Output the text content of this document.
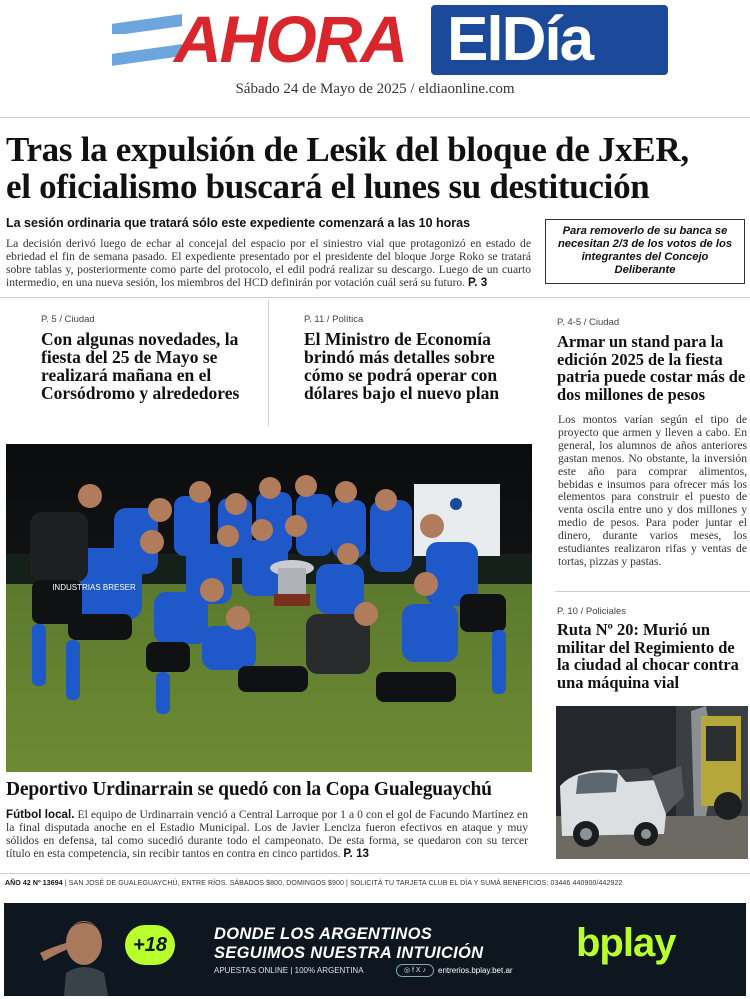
AHORA ElDía
Sábado 24 de Mayo de 2025 / eldiaonline.com
Tras la expulsión de Lesik del bloque de JxER,
el oficialismo buscará el lunes su destitución
La sesión ordinaria que tratará sólo este expediente comenzará a las 10 horas

La decisión derivó luego de echar al concejal del espacio por el siniestro vial que protagonizó en estado de ebriedad el fin de semana pasado. El expediente presentado por el presidente del bloque Jorge Roko se tratará sobre tablas y, posteriormente como parte del protocolo, el edil podrá realizar su descargo. Luego de un cuarto intermedio, en una nueva sesión, los miembros del HCD definirán por votación cuál será su futuro. P. 3

Para removerlo de su banca se necesitan 2/3 de los votos de los integrantes del Concejo Deliberante
P. 5 / Ciudad
Con algunas novedades, la fiesta del 25 de Mayo se realizará mañana en el Corsódromo y alrededores
P. 11 / Política
El Ministro de Economía brindó más detalles sobre cómo se podrá operar con dólares bajo el nuevo plan
P. 4-5 / Ciudad
Armar un stand para la edición 2025 de la fiesta patria puede costar más de dos millones de pesos

Los montos varían según el tipo de proyecto que armen y lleven a cabo. En general, los alumnos de años anteriores gastan menos. No obstante, la inversión este año para comprar alimentos, bebidas e insumos para ofrecer más los elementos para construir el puesto de venta oscila entre uno y dos millones y medio de pesos. Para poder juntar el dinero, durante varios meses, los estudiantes realizaron rifas y ventas de tortas, pizzas y pastas.

P. 10 / Policiales
Ruta Nº 20: Murió un militar del Regimiento de la ciudad al chocar contra una máquina vial
INDUSTRIAS BRESER
Deportivo Urdinarrain se quedó con la Copa Gualeguaychú

Fútbol local. El equipo de Urdinarrain venció a Central Larroque por 1 a 0 con el gol de Facundo Martínez en la final disputada anoche en el Estadio Municipal. Los de Javier Lenciza fueron efectivos en ataque y muy sólidos en defensa, tal como sucedió durante todo el campeonato. De esta forma, se quedaron con su tercer título en esta competencia, sin recibir tantos en contra en cinco partidos. P. 13

AÑO 42 Nº 13694 | SAN JOSÉ DE GUALEGUAYCHÚ, ENTRE RÍOS. SÁBADOS $800, DOMINGOS $900 | SOLICITÁ TU TARJETA CLUB EL DÍA Y SUMÁ BENEFICIOS: 03446 440900/442922
+18	DONDE LOS ARGENTINOS
SEGUIMOS NUESTRA INTUICIÓN
APUESTAS ONLINE | 100% ARGENTINA	◎ f X ♪	entrerios.bplay.bet.ar
bplay
